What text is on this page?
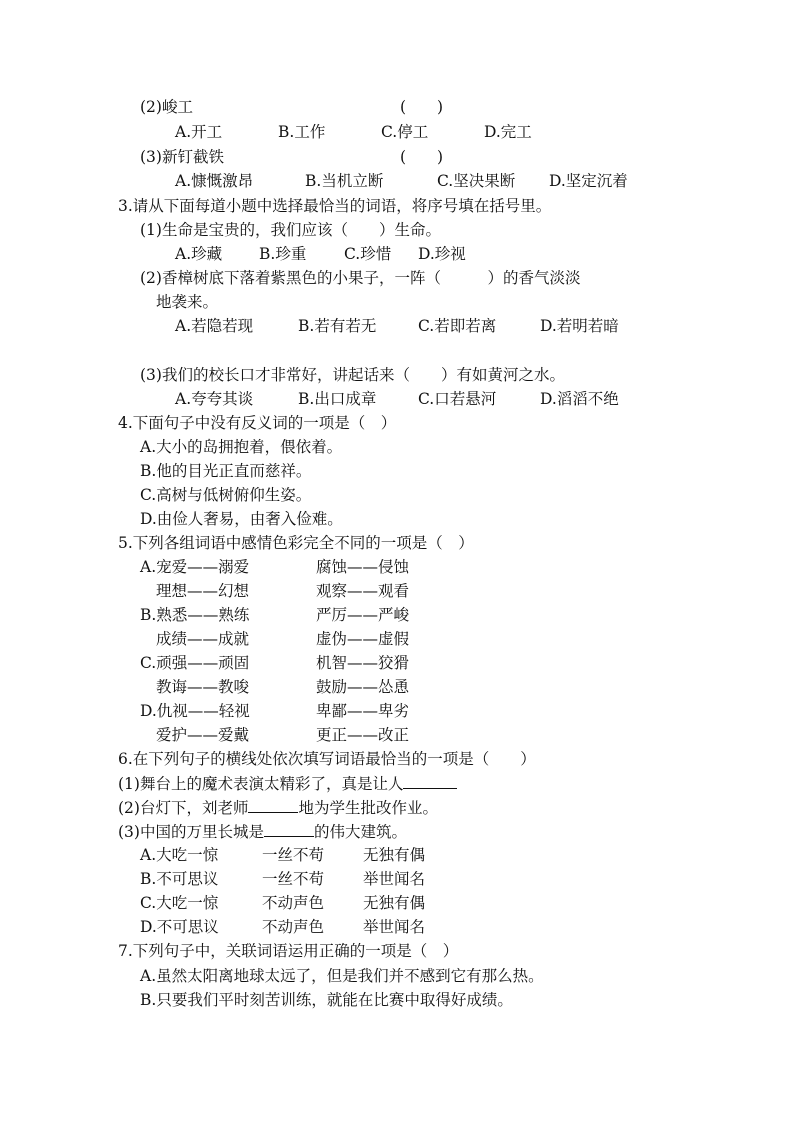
(2)峻工	(　　)
A.开工	B.工作	C.停工	D.完工
(3)新钉截铁	(　　)
A.慷慨激昂	B.当机立断	C.坚决果断 D.坚定沉着
3.请从下面每道小题中选择最恰当的词语，将序号填在括号里。
(1)生命是宝贵的，我们应该（　　）生命。
A.珍藏 B.珍重 C.珍惜 D.珍视
(2)香樟树底下落着紫黑色的小果子，一阵（　　　）的香气淡淡
地袭来。
A.若隐若现	B.若有若无	C.若即若离	D.若明若暗
(3)我们的校长口才非常好，讲起话来（　　）有如黄河之水。
A.夸夸其谈	B.出口成章	C.口若悬河	D.滔滔不绝
4.下面句子中没有反义词的一项是（　）
A.大小的岛拥抱着，偎依着。
B.他的目光正直而慈祥。
C.高树与低树俯仰生姿。
D.由俭人奢易，由奢入俭难。
5.下列各组词语中感情色彩完全不同的一项是（　）
A.宠爱——溺爱	腐蚀——侵蚀
理想——幻想	观察——观看
B.熟悉——熟练	严厉——严峻
成绩——成就	虚伪——虚假
C.顽强——顽固	机智——狡猾
教诲——教唆	鼓励——怂恿
D.仇视——轻视	卑鄙——卑劣
爱护——爱戴	更正——改正
6.在下列句子的横线处依次填写词语最恰当的一项是（　　）
(1)舞台上的魔术表演太精彩了，真是让人
(2)台灯下，刘老师	地为学生批改作业。
(3)中国的万里长城是	的伟大建筑。
A.大吃一惊	一丝不苟	无独有偶
B.不可思议	一丝不苟	举世闻名
C.大吃一惊	不动声色	无独有偶
D.不可思议	不动声色	举世闻名
7.下列句子中，关联词语运用正确的一项是（　）
A.虽然太阳离地球太远了，但是我们并不感到它有那么热。
B.只要我们平时刻苦训练，就能在比赛中取得好成绩。
